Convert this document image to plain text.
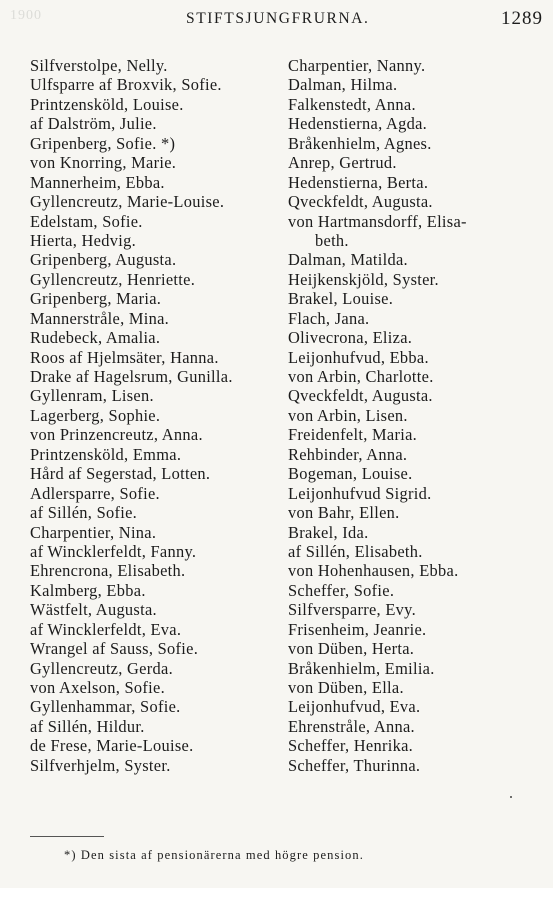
1900	STIFTSJUNGFRURNA.	1289
Silfverstolpe, Nelly.
Ulfsparre af Broxvik, Sofie.
Printzensköld, Louise.
af Dalström, Julie.
Gripenberg, Sofie. *)
von Knorring, Marie.
Mannerheim, Ebba.
Gyllencreutz, Marie-Louise.
Edelstam, Sofie.
Hierta, Hedvig.
Gripenberg, Augusta.
Gyllencreutz, Henriette.
Gripenberg, Maria.
Mannerstråle, Mina.
Rudebeck, Amalia.
Roos af Hjelmsäter, Hanna.
Drake af Hagelsrum, Gunilla.
Gyllenram, Lisen.
Lagerberg, Sophie.
von Prinzencreutz, Anna.
Printzensköld, Emma.
Hård af Segerstad, Lotten.
Adlersparre, Sofie.
af Sillén, Sofie.
Charpentier, Nina.
af Wincklerfeldt, Fanny.
Ehrencrona, Elisabeth.
Kalmberg, Ebba.
Wästfelt, Augusta.
af Wincklerfeldt, Eva.
Wrangel af Sauss, Sofie.
Gyllencreutz, Gerda.
von Axelson, Sofie.
Gyllenhammar, Sofie.
af Sillén, Hildur.
de Frese, Marie-Louise.
Silfverhjelm, Syster.
Charpentier, Nanny.
Dalman, Hilma.
Falkenstedt, Anna.
Hedenstierna, Agda.
Bråkenhielm, Agnes.
Anrep, Gertrud.
Hedenstierna, Berta.
Qveckfeldt, Augusta.
von Hartmansdorff, Elisa-
beth.
Dalman, Matilda.
Heijkenskjöld, Syster.
Brakel, Louise.
Flach, Jana.
Olivecrona, Eliza.
Leijonhufvud, Ebba.
von Arbin, Charlotte.
Qveckfeldt, Augusta.
von Arbin, Lisen.
Freidenfelt, Maria.
Rehbinder, Anna.
Bogeman, Louise.
Leijonhufvud Sigrid.
von Bahr, Ellen.
Brakel, Ida.
af Sillén, Elisabeth.
von Hohenhausen, Ebba.
Scheffer, Sofie.
Silfversparre, Evy.
Frisenheim, Jeanrie.
von Düben, Herta.
Bråkenhielm, Emilia.
von Düben, Ella.
Leijonhufvud, Eva.
Ehrenstråle, Anna.
Scheffer, Henrika.
Scheffer, Thurinna.
*) Den sista af pensionärerna med högre pension.
